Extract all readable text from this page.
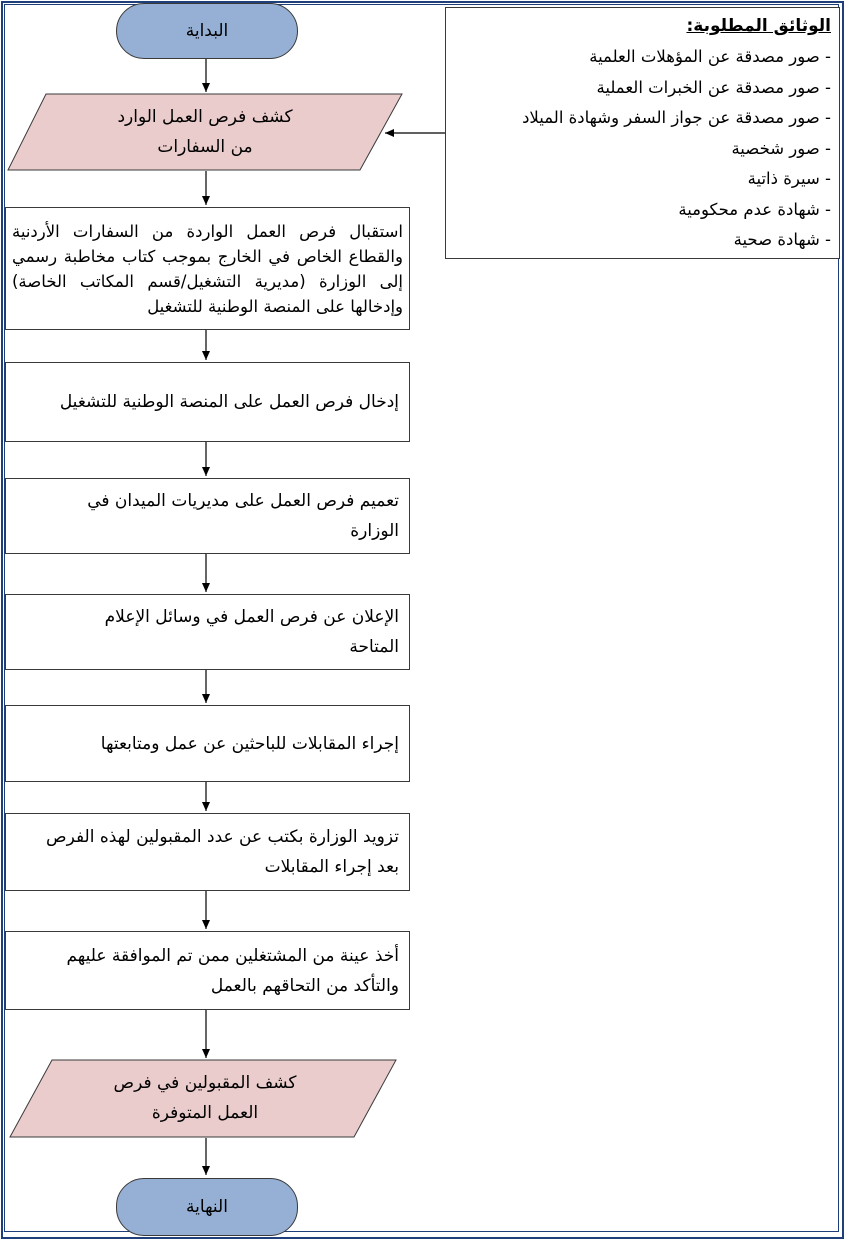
البداية
كشف فرص العمل الوارد
من السفارات
استقبال فرص العمل الواردة من السفارات الأردنية والقطاع الخاص في الخارج بموجب كتاب مخاطبة رسمي إلى الوزارة (مديرية التشغيل/قسم المكاتب الخاصة) وإدخالها على المنصة الوطنية للتشغيل
إدخال فرص العمل على المنصة الوطنية للتشغيل
تعميم فرص العمل على مديريات الميدان في الوزارة
الإعلان عن فرص العمل في وسائل الإعلام المتاحة
إجراء المقابلات للباحثين عن عمل ومتابعتها
تزويد الوزارة بكتب عن عدد المقبولين لهذه الفرص بعد إجراء المقابلات
أخذ عينة من المشتغلين ممن تم الموافقة عليهم والتأكد من التحاقهم بالعمل
كشف المقبولين في فرص
العمل المتوفرة
النهاية
الوثائق المطلوبة:
- صور مصدقة عن المؤهلات العلمية
- صور مصدقة عن الخبرات العملية
- صور مصدقة عن جواز السفر وشهادة الميلاد
- صور شخصية
- سيرة ذاتية
- شهادة عدم محكومية
- شهادة صحية
